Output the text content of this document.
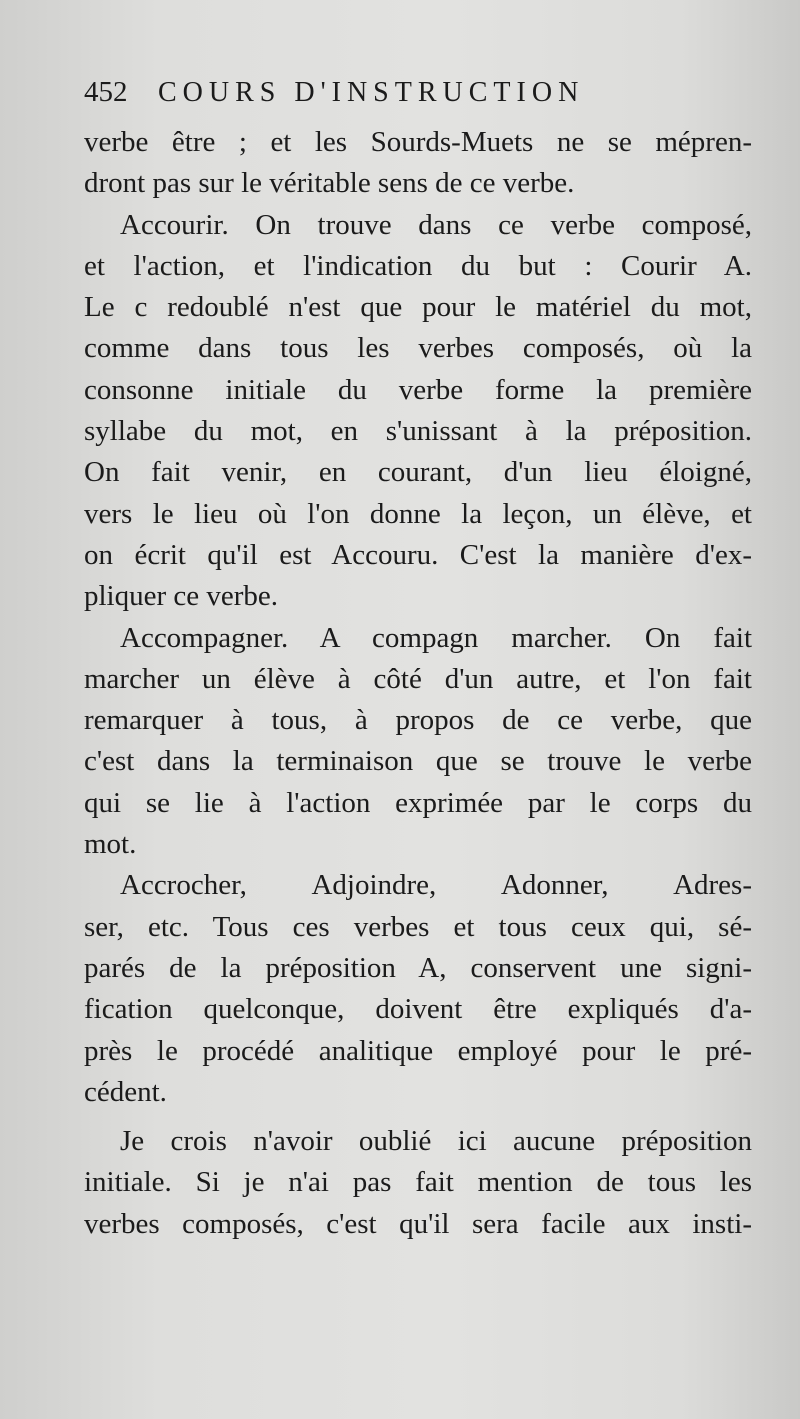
452 COURS D'INSTRUCTION
verbe être ; et les Sourds-Muets ne se mépren-
dront pas sur le véritable sens de ce verbe.
Accourir. On trouve dans ce verbe composé,
et l'action, et l'indication du but : Courir A.
Le c redoublé n'est que pour le matériel du mot,
comme dans tous les verbes composés, où la
consonne initiale du verbe forme la première
syllabe du mot, en s'unissant à la préposition.
On fait venir, en courant, d'un lieu éloigné,
vers le lieu où l'on donne la leçon, un élève, et
on écrit qu'il est Accouru. C'est la manière d'ex-
pliquer ce verbe.
Accompagner. A compagn marcher. On fait
marcher un élève à côté d'un autre, et l'on fait
remarquer à tous, à propos de ce verbe, que
c'est dans la terminaison que se trouve le verbe
qui se lie à l'action exprimée par le corps du
mot.
Accrocher, Adjoindre, Adonner, Adres-
ser, etc. Tous ces verbes et tous ceux qui, sé-
parés de la préposition A, conservent une signi-
fication quelconque, doivent être expliqués d'a-
près le procédé analitique employé pour le pré-
cédent.
Je crois n'avoir oublié ici aucune préposition
initiale. Si je n'ai pas fait mention de tous les
verbes composés, c'est qu'il sera facile aux insti-
